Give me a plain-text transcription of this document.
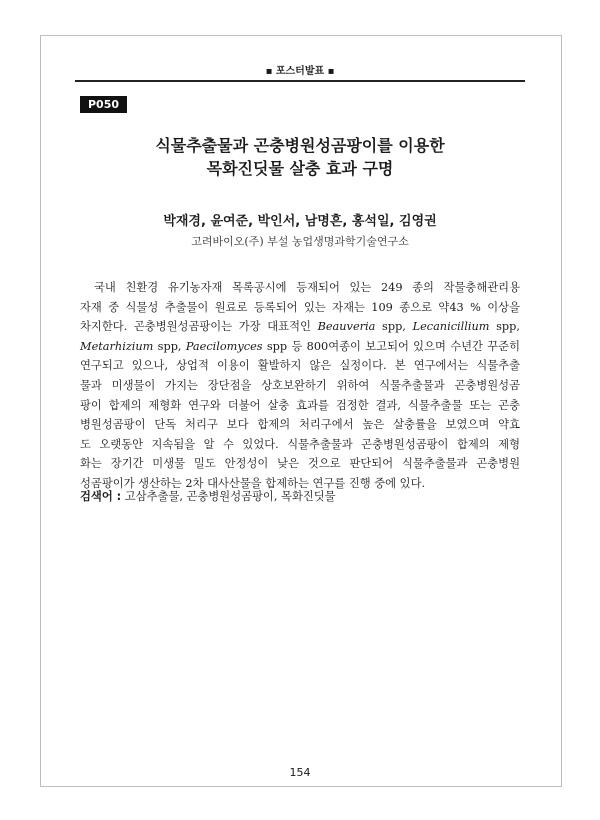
▪ 포스터발표 ▪
P050
식물추출물과 곤충병원성곰팡이를 이용한
목화진딧물 살충 효과 구명
박재경, 윤여준, 박인서, 남명흔, 홍석일, 김영권
고려바이오(주) 부설 농업생명과학기술연구소
국내 친환경 유기농자재 목록공시에 등재되어 있는 249 종의 작물충해관리용
자재 중 식물성 추출물이 원료로 등록되어 있는 자재는 109 종으로 약43 % 이상을
차지한다. 곤충병원성곰팡이는 가장 대표적인 Beauveria spp, Lecanicillium spp,
Metarhizium spp, Paecilomyces spp 등 800여종이 보고되어 있으며 수년간 꾸준히
연구되고 있으나, 상업적 이용이 활발하지 않은 실정이다. 본 연구에서는 식물추출
물과 미생물이 가지는 장단점을 상호보완하기 위하여 식물추출물과 곤충병원성곰
팡이 합제의 제형화 연구와 더불어 살충 효과를 검정한 결과, 식물추출물 또는 곤충
병원성곰팡이 단독 처리구 보다 합제의 처리구에서 높은 살충률을 보였으며 약효
도 오랫동안 지속됨을 알 수 있었다. 식물추출물과 곤충병원성곰팡이 합제의 제형
화는 장기간 미생물 밀도 안정성이 낮은 것으로 판단되어 식물추출물과 곤충병원
성곰팡이가 생산하는 2차 대사산물을 합제하는 연구를 진행 중에 있다.
검색어 : 고삼추출물, 곤충병원성곰팡이, 목화진딧물
154
